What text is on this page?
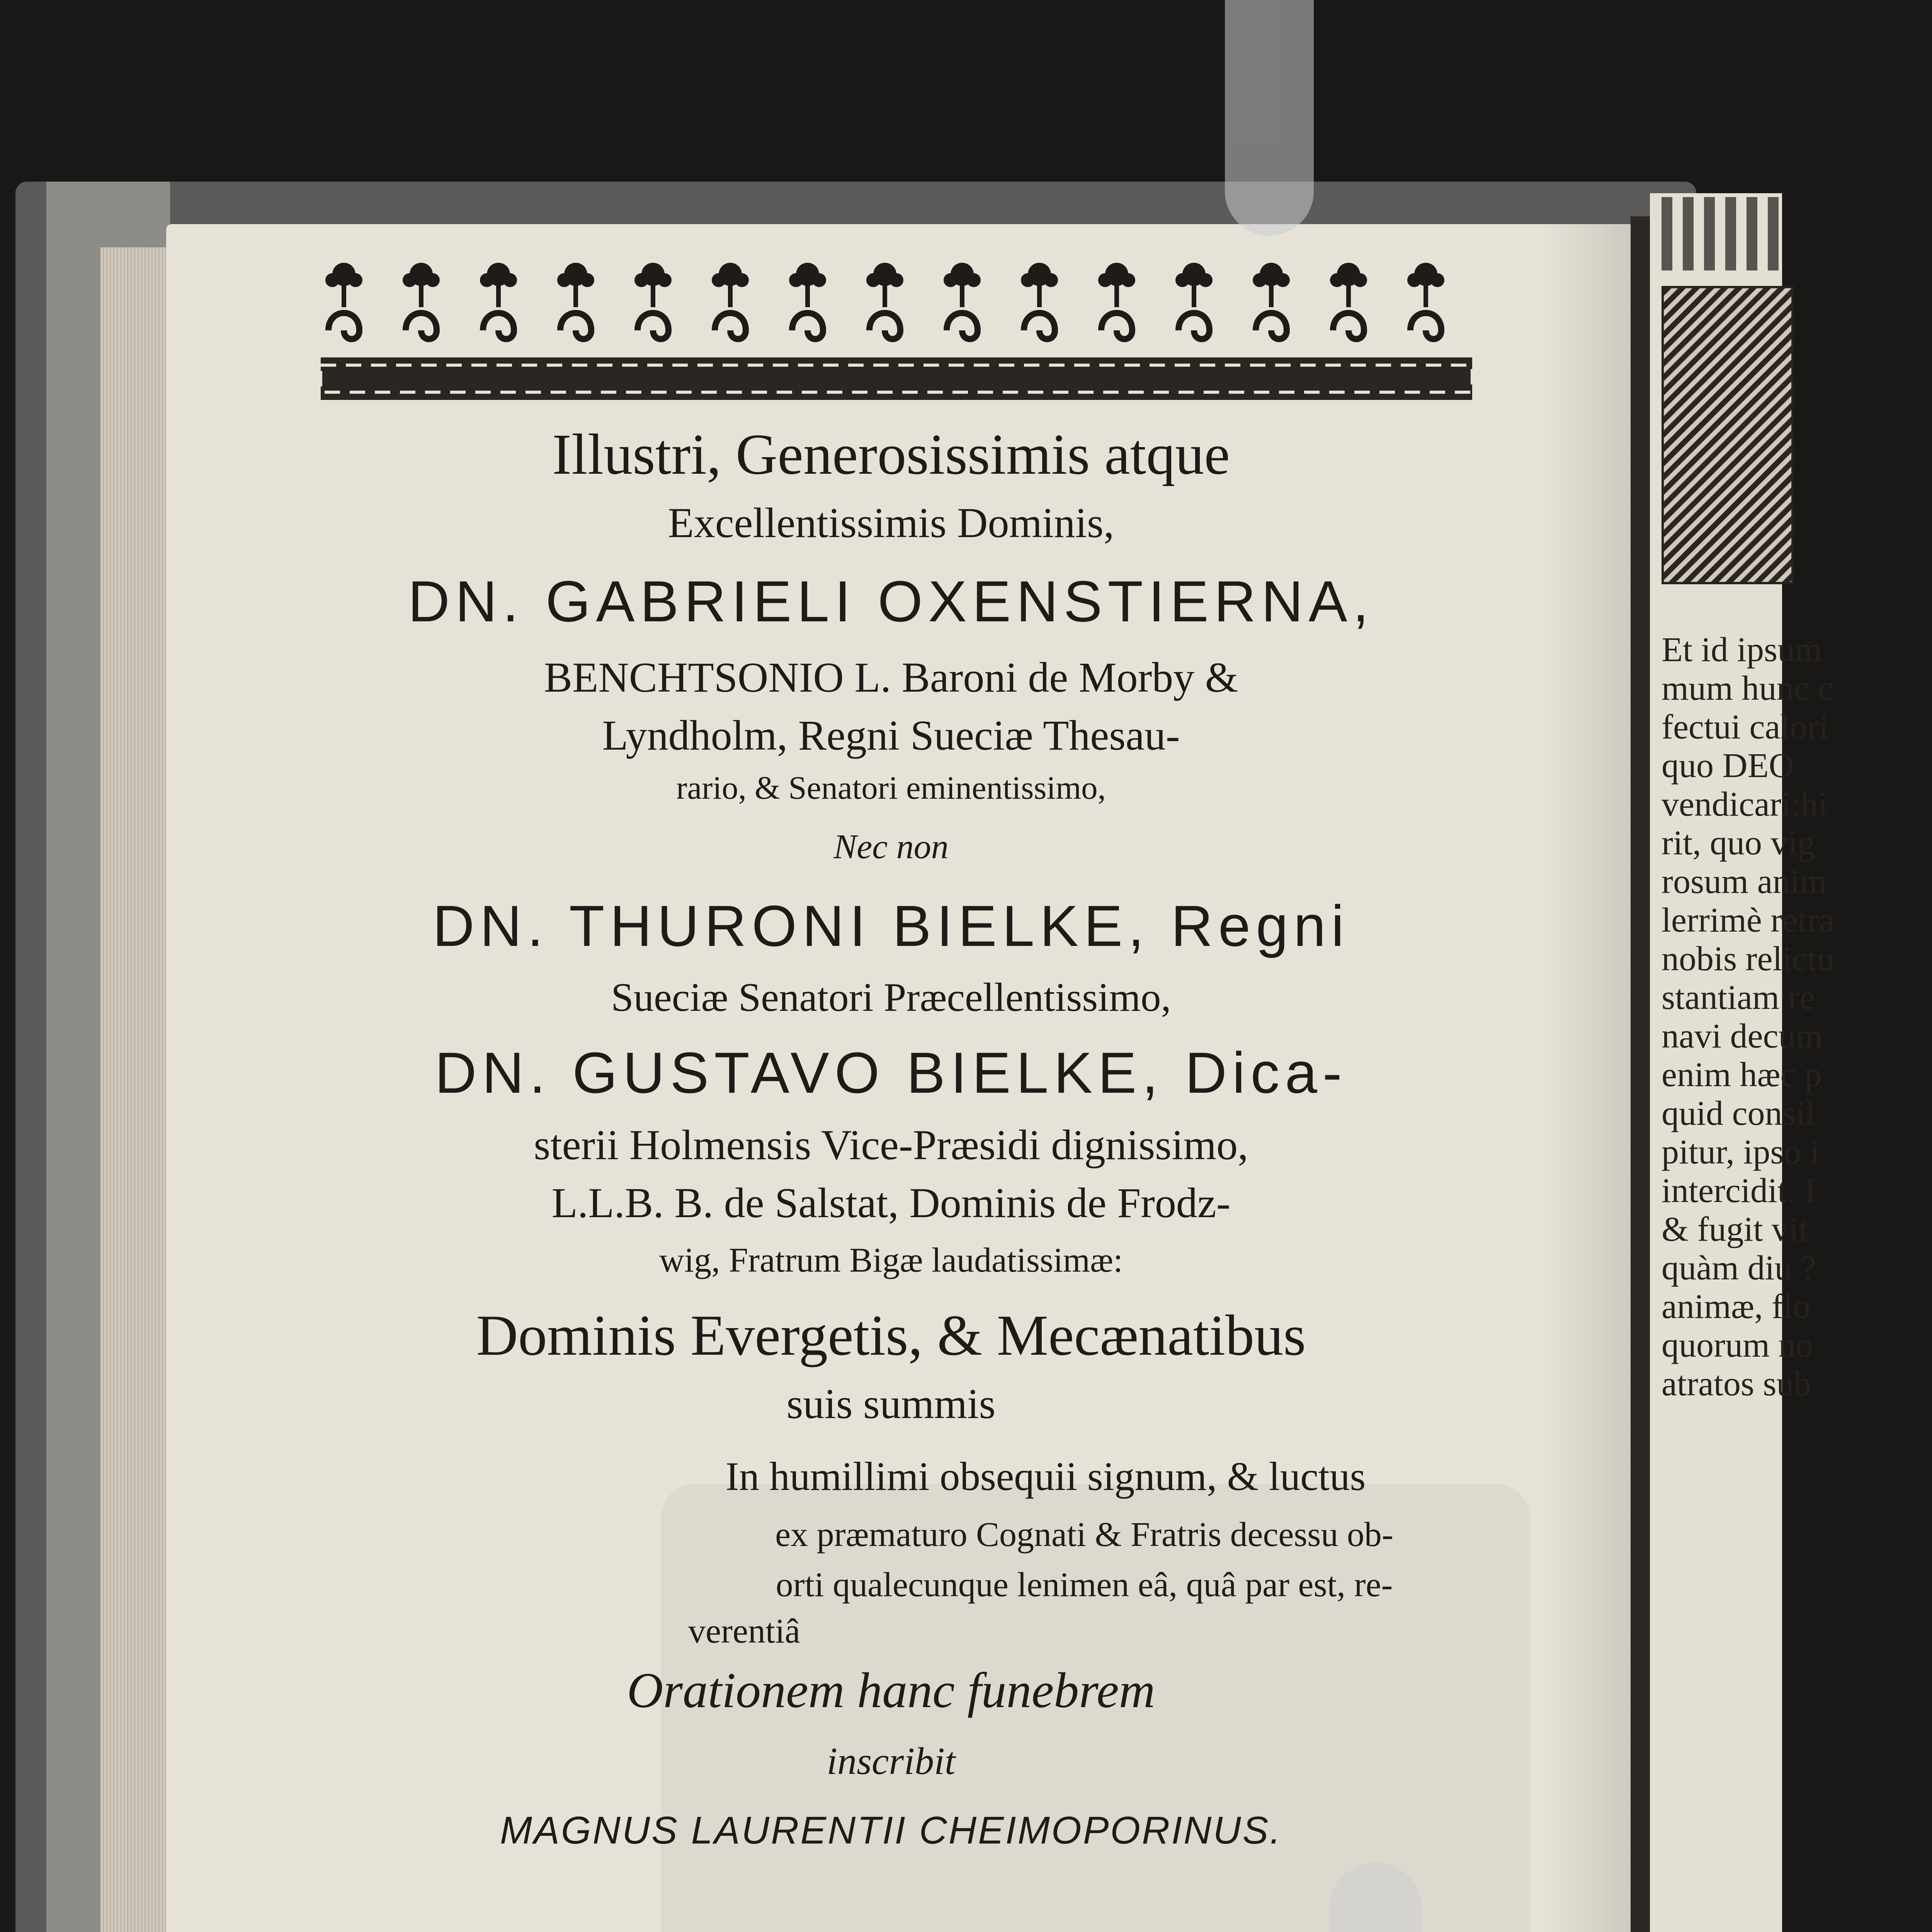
Et id ipsum
mum hunc c
fectui calori
quo DEO
vendicari:hi
rit, quo vig
rosum anim
lerrimè retra
nobis relictu
stantiam re
navi decum
enim hæc p
quid consil
pitur, ipso i
intercidit. I
& fugit vit
quàm diu ?
animæ, flo
quorum no
atratos sub
Illustri, Generosissimis atque
Excellentissimis Dominis,
DN. GABRIELI OXENSTIERNA,
BENCHTSONIO L. Baroni de Morby &
Lyndholm, Regni Sueciæ Thesau-
rario, & Senatori eminentissimo,
Nec non
DN. THURONI BIELKE, Regni
Sueciæ Senatori Præcellentissimo,
DN. GUSTAVO BIELKE, Dica-
sterii Holmensis Vice-Præsidi dignissimo,
L.L.B. B. de Salstat, Dominis de Frodz-
wig, Fratrum Bigæ laudatissimæ:
Dominis Evergetis, & Mecænatibus
suis summis
In humillimi obsequii signum, & luctus
ex præmaturo Cognati & Fratris decessu ob-
orti qualecunque lenimen eâ, quâ par est, re-
verentiâ
Orationem hanc funebrem
inscribit
MAGNUS LAURENTII CHEIMOPORINUS.
